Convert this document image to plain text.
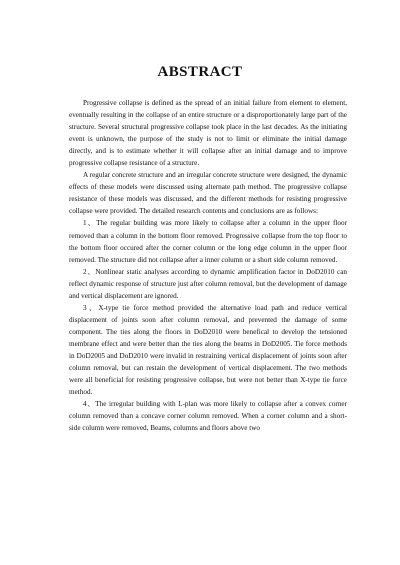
ABSTRACT

Progressive collapse is defined as the spread of an initial failure from element to element, eventually resulting in the collapse of an entire structure or a disproportionately large part of the structure. Several structural progressive collapse took place in the last decades. As the initiating event is unknown, the purpose of the study is not to limit or eliminate the initial damage directly, and is to estimate whether it will collapse after an initial damage and to improve progressive collapse resistance of a structure.

A regular concrete structure and an irregular concrete structure were designed, the dynamic effects of these models were discussed using alternate path method. The progressive collapse resistance of these models was discussed, and the different methods for resisting progressive collapse were provided. The detailed research contents and conclusions are as follows:

1、The regular building was more likely to collapse after a column in the upper floor removed than a column in the bottom floor removed. Progressive collapse from the top floor to the bottom floor occured after the corner column or the long edge column in the upper floor removed. The structure did not collapse after a inner column or a short side column removed.

2、Nonlinear static analyses according to dynamic amplification factor in DoD2010 can reflect dynamic response of structure just after column removal, but the development of damage and vertical displacement are ignored.

3、X-type tie force method provided the alternative load path and reduce vertical displacement of joints soon after column removal, and prevented the damage of some component. The ties along the floors in DoD2010 were benefical to develop the tensioned membrane effect and were better than the ties along the beams in DoD2005. Tie force methods in DoD2005 and DoD2010 were invalid in restraining vertical displacement of joints soon after column removal, but can restain the development of vertical displacement. The two methods were all beneficial for resisting progressive collapse, but were not better than X-type tie force method.

4、The irregular building with L-plan was more likely to collapse after a convex corner column removed than a concave corner column removed. When a corner column and a short-side column were removed, Beams, columns and floors above two
